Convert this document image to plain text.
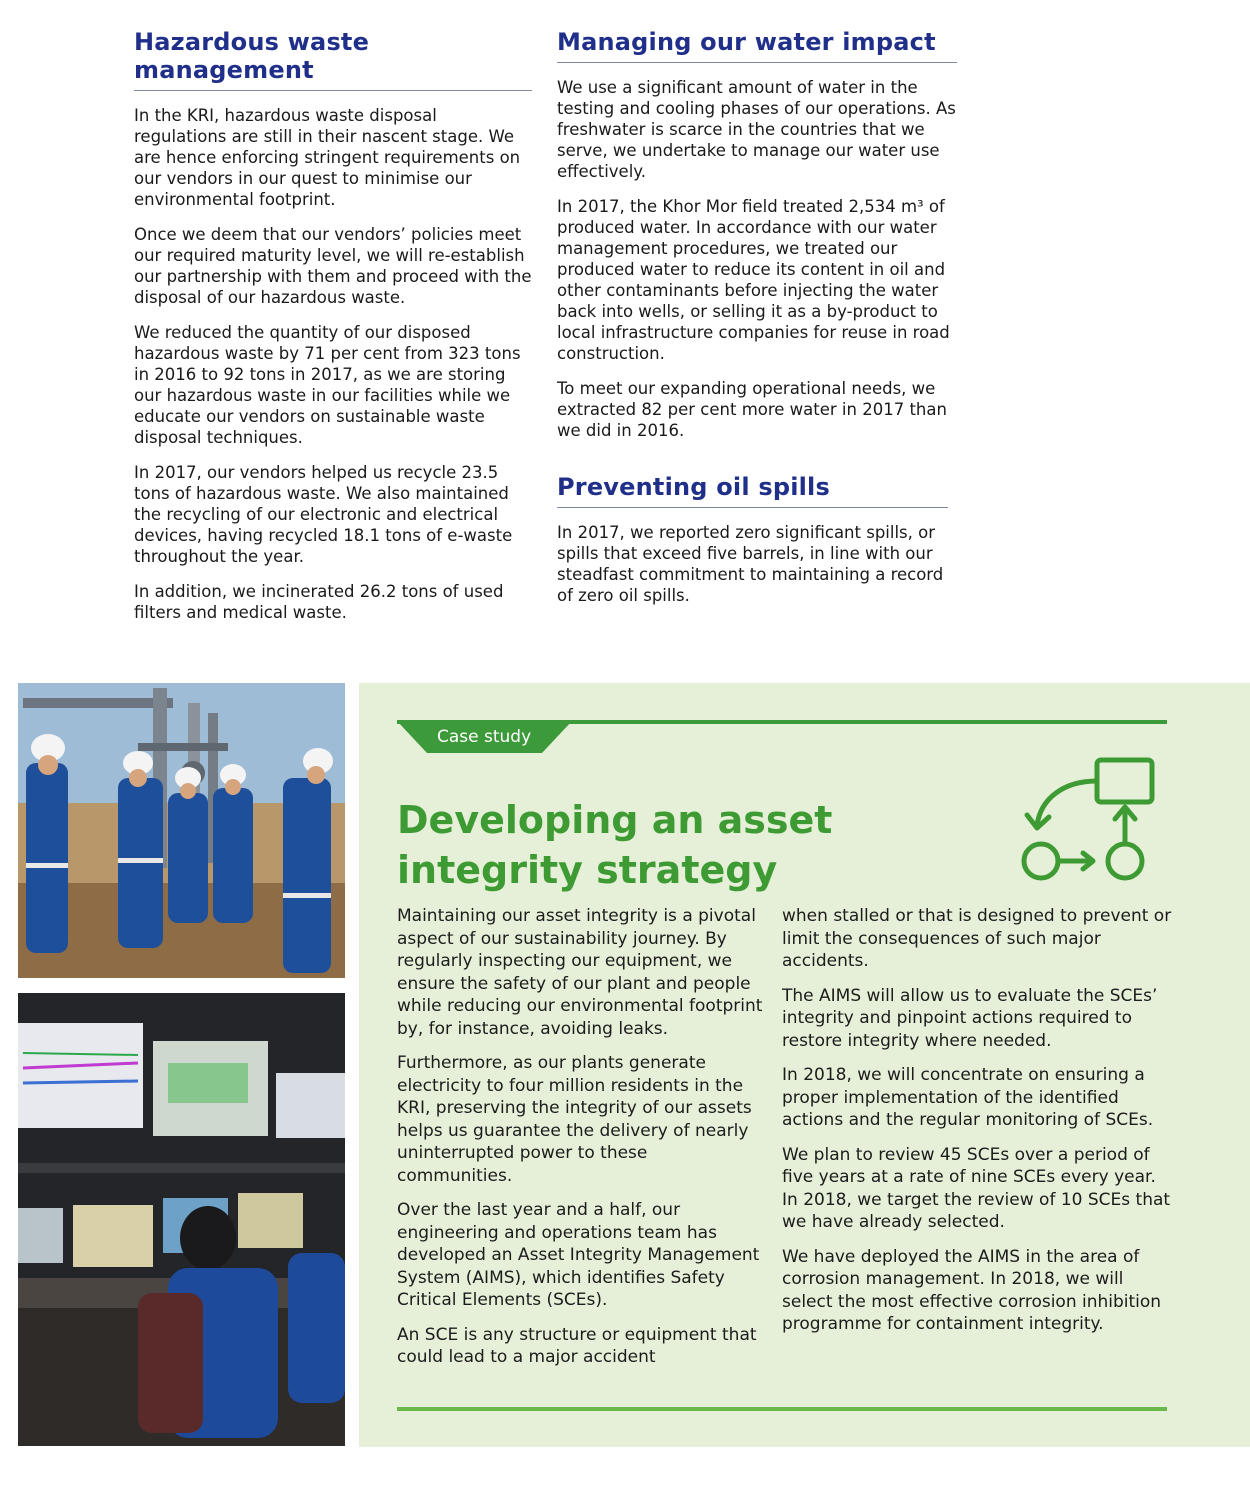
Hazardous waste management

In the KRI, hazardous waste disposal regulations are still in their nascent stage. We are hence enforcing stringent requirements on our vendors in our quest to minimise our environmental footprint.

Once we deem that our vendors’ policies meet our required maturity level, we will re-establish our partnership with them and proceed with the disposal of our hazardous waste.

We reduced the quantity of our disposed hazardous waste by 71 per cent from 323 tons in 2016 to 92 tons in 2017, as we are storing our hazardous waste in our facilities while we educate our vendors on sustainable waste disposal techniques.

In 2017, our vendors helped us recycle 23.5 tons of hazardous waste. We also maintained the recycling of our electronic and electrical devices, having recycled 18.1 tons of e-waste throughout the year.

In addition, we incinerated 26.2 tons of used filters and medical waste.

Managing our water impact

We use a significant amount of water in the testing and cooling phases of our operations. As freshwater is scarce in the countries that we serve, we undertake to manage our water use effectively.

In 2017, the Khor Mor field treated 2,534 m³ of produced water. In accordance with our water management procedures, we treated our produced water to reduce its content in oil and other contaminants before injecting the water back into wells, or selling it as a by-product to local infrastructure companies for reuse in road construction.

To meet our expanding operational needs, we extracted 82 per cent more water in 2017 than we did in 2016.

Preventing oil spills

In 2017, we reported zero significant spills, or spills that exceed five barrels, in line with our steadfast commitment to maintaining a record of zero oil spills.

Case study
Developing an asset integrity strategy

Maintaining our asset integrity is a pivotal aspect of our sustainability journey. By regularly inspecting our equipment, we ensure the safety of our plant and people while reducing our environmental footprint by, for instance, avoiding leaks.

Furthermore, as our plants generate electricity to four million residents in the KRI, preserving the integrity of our assets helps us guarantee the delivery of nearly uninterrupted power to these communities.

Over the last year and a half, our engineering and operations team has developed an Asset Integrity Management System (AIMS), which identifies Safety Critical Elements (SCEs).

An SCE is any structure or equipment that could lead to a major accident

when stalled or that is designed to prevent or limit the consequences of such major accidents.

The AIMS will allow us to evaluate the SCEs’ integrity and pinpoint actions required to restore integrity where needed.

In 2018, we will concentrate on ensuring a proper implementation of the identified actions and the regular monitoring of SCEs.

We plan to review 45 SCEs over a period of five years at a rate of nine SCEs every year. In 2018, we target the review of 10 SCEs that we have already selected.

We have deployed the AIMS in the area of corrosion management. In 2018, we will select the most effective corrosion inhibition programme for containment integrity.
